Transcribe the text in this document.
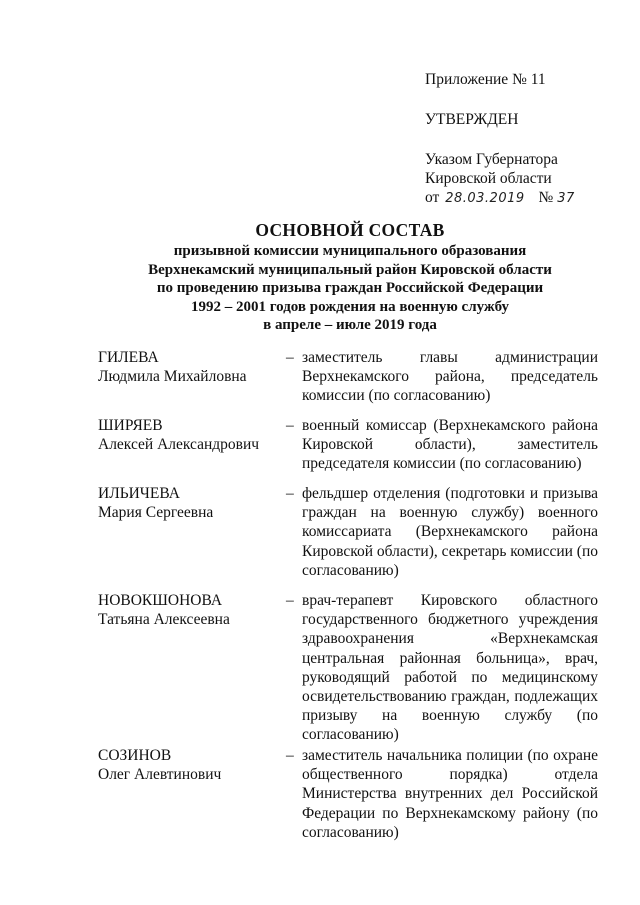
Приложение № 11
УТВЕРЖДЕН
Указом Губернатора
Кировской области
от 28.03.2019 № 37
ОСНОВНОЙ СОСТАВ
призывной комиссии муниципального образования
Верхнекамский муниципальный район Кировской области
по проведению призыва граждан Российской Федерации
1992 – 2001 годов рождения на военную службу
в апреле – июле 2019 года
ГИЛЕВА
Людмила Михайловна
– заместитель главы администрации Верхнекамского района, председатель комиссии (по согласованию)
ШИРЯЕВ
Алексей Александрович
– военный комиссар (Верхнекамского района Кировской области), заместитель председателя комиссии (по согласованию)
ИЛЬИЧЕВА
Мария Сергеевна
– фельдшер отделения (подготовки и призыва граждан на военную службу) военного комиссариата (Верхнекамского района Кировской области), секретарь комиссии (по согласованию)
НОВОКШОНОВА
Татьяна Алексеевна
– врач-терапевт Кировского областного государственного бюджетного учреждения здравоохранения «Верхнекамская центральная районная больница», врач, руководящий работой по медицинскому освидетельствованию граждан, подлежащих призыву на военную службу (по согласованию)
СОЗИНОВ
Олег Алевтинович
– заместитель начальника полиции (по охране общественного порядка) отдела Министерства внутренних дел Российской Федерации по Верхнекамскому району (по согласованию)
